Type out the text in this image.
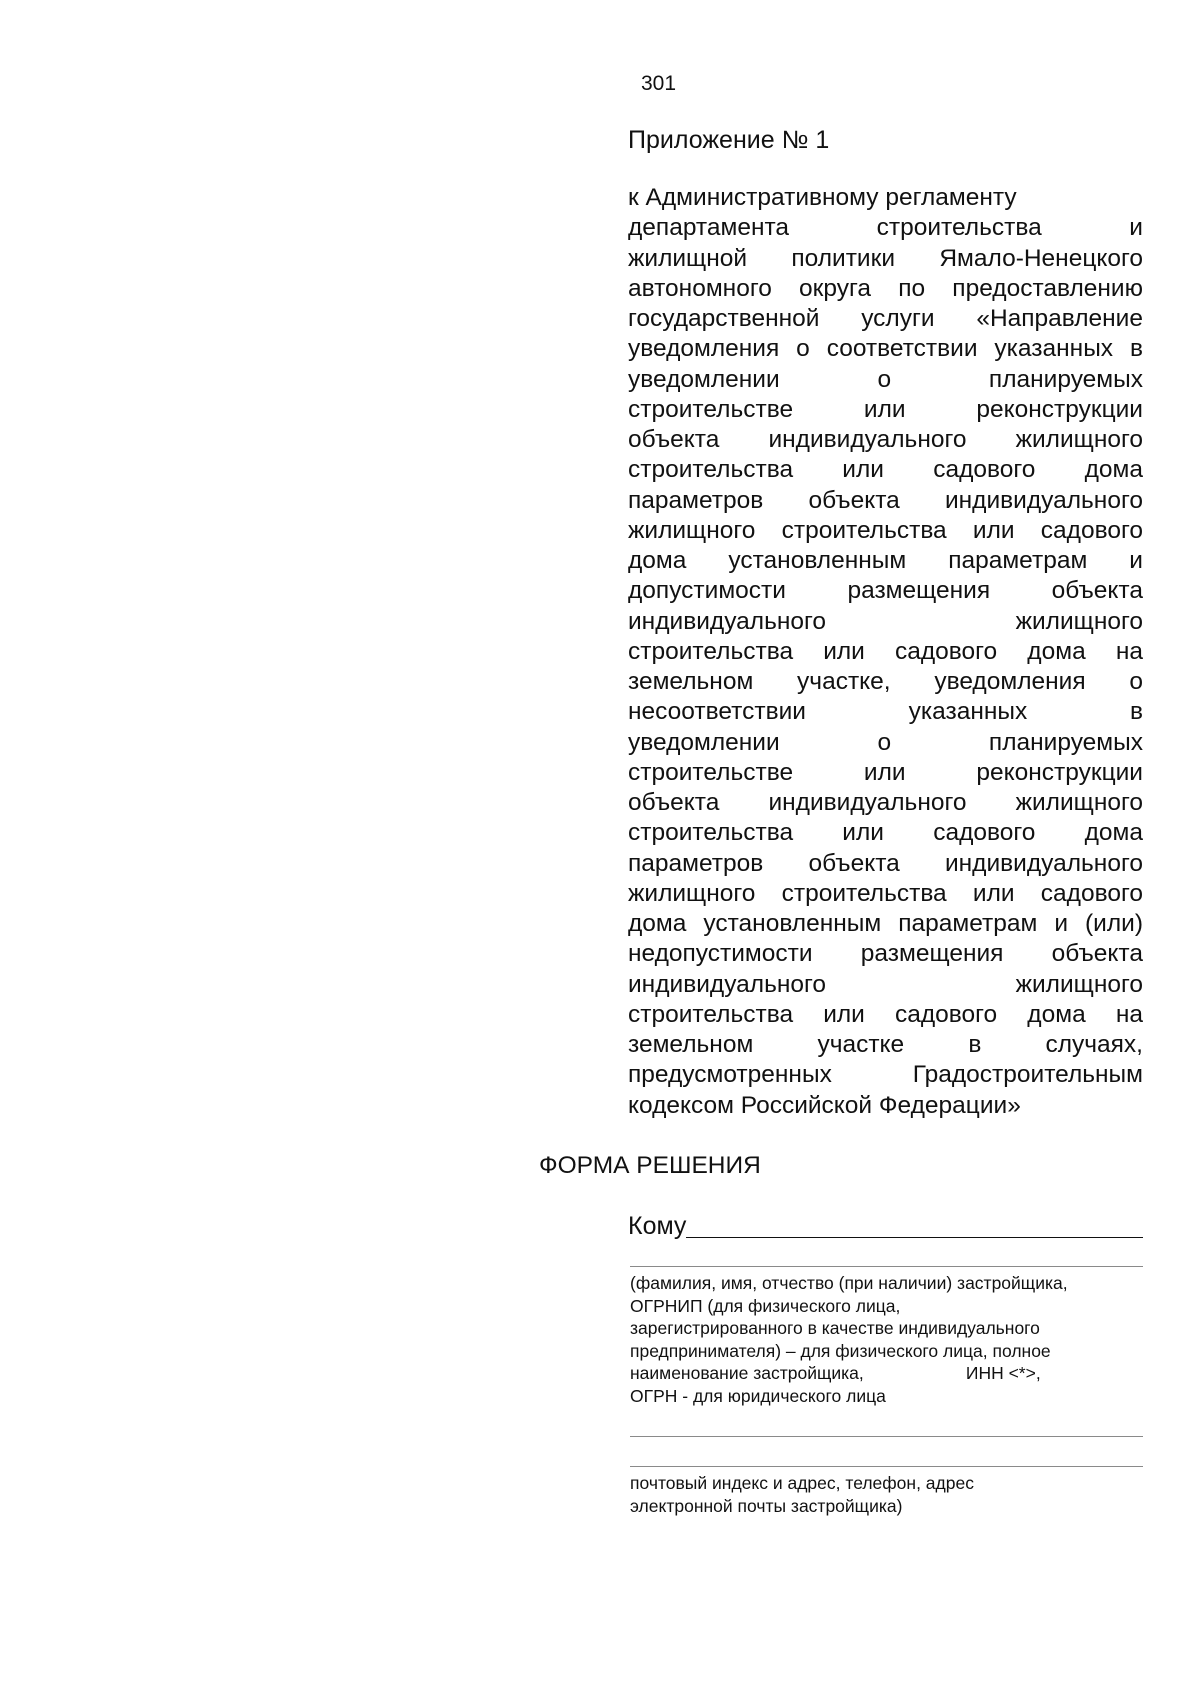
301
Приложение № 1
к Административному регламенту
департамента строительства и
жилищной политики Ямало-Ненецкого
автономного округа по предоставлению
государственной услуги «Направление
уведомления о соответствии указанных в
уведомлении о планируемых
строительстве или реконструкции
объекта индивидуального жилищного
строительства или садового дома
параметров объекта индивидуального
жилищного строительства или садового
дома установленным параметрам и
допустимости размещения объекта
индивидуального жилищного
строительства или садового дома на
земельном участке, уведомления о
несоответствии указанных в
уведомлении о планируемых
строительстве или реконструкции
объекта индивидуального жилищного
строительства или садового дома
параметров объекта индивидуального
жилищного строительства или садового
дома установленным параметрам и (или)
недопустимости размещения объекта
индивидуального жилищного
строительства или садового дома на
земельном участке в случаях,
предусмотренных Градостроительным
кодексом Российской Федерации»
ФОРМА РЕШЕНИЯ
Кому
(фамилия, имя, отчество (при наличии) застройщика,
ОГРНИП (для физического лица,
зарегистрированного в качестве индивидуального
предпринимателя) – для физического лица, полное
наименование застройщика,                     ИНН <*>,
ОГРН - для юридического лица
почтовый индекс и адрес, телефон, адрес
электронной почты застройщика)
